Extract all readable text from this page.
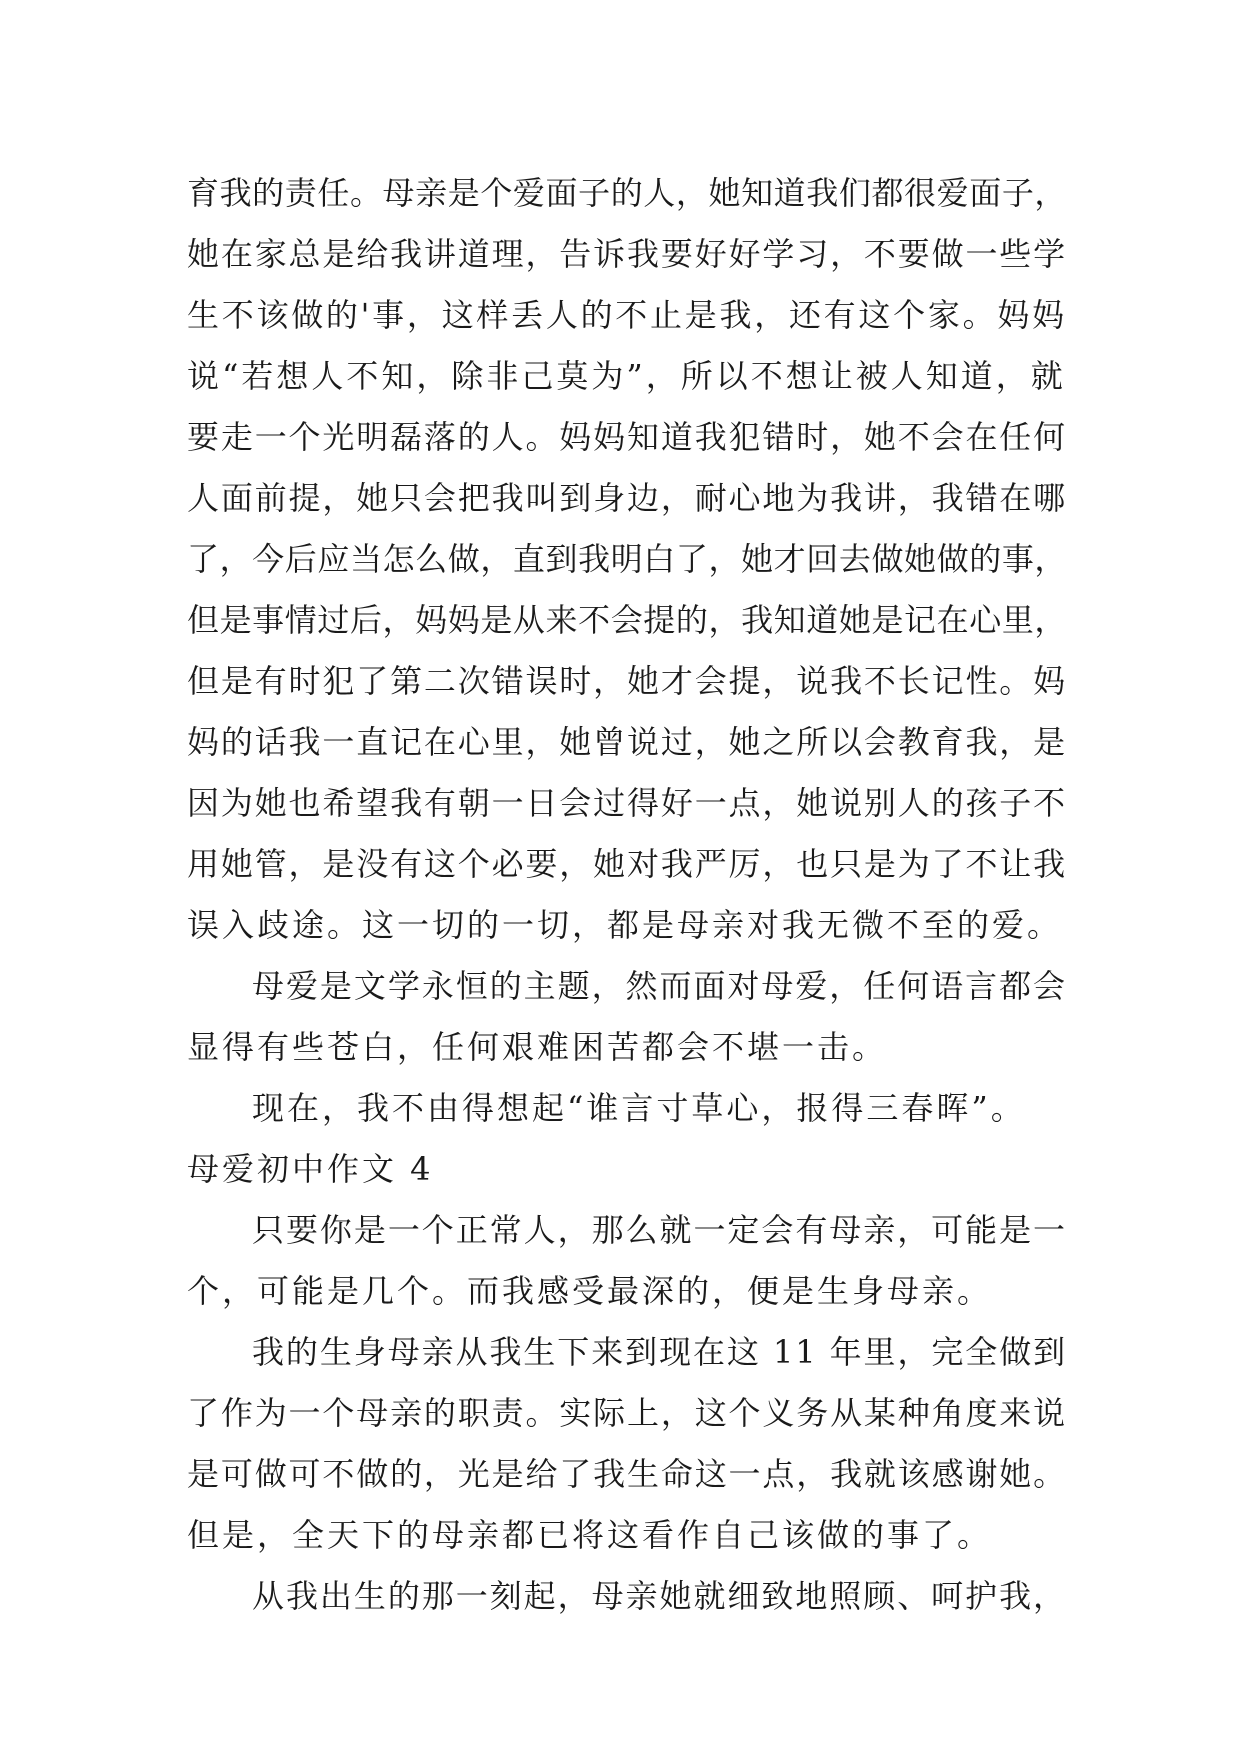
育我的责任。母亲是个爱面子的人，她知道我们都很爱面子，
她在家总是给我讲道理，告诉我要好好学习，不要做一些学
生不该做的'事，这样丢人的不止是我，还有这个家。妈妈
说“若想人不知，除非己莫为”，所以不想让被人知道，就
要走一个光明磊落的人。妈妈知道我犯错时，她不会在任何
人面前提，她只会把我叫到身边，耐心地为我讲，我错在哪
了，今后应当怎么做，直到我明白了，她才回去做她做的事，
但是事情过后，妈妈是从来不会提的，我知道她是记在心里，
但是有时犯了第二次错误时，她才会提，说我不长记性。妈
妈的话我一直记在心里，她曾说过，她之所以会教育我，是
因为她也希望我有朝一日会过得好一点，她说别人的孩子不
用她管，是没有这个必要，她对我严厉，也只是为了不让我
误入歧途。这一切的一切，都是母亲对我无微不至的爱。
母爱是文学永恒的主题，然而面对母爱，任何语言都会
显得有些苍白，任何艰难困苦都会不堪一击。
现在，我不由得想起“谁言寸草心，报得三春晖”。
母爱初中作文 4
只要你是一个正常人，那么就一定会有母亲，可能是一
个，可能是几个。而我感受最深的，便是生身母亲。
我的生身母亲从我生下来到现在这 11 年里，完全做到
了作为一个母亲的职责。实际上，这个义务从某种角度来说
是可做可不做的，光是给了我生命这一点，我就该感谢她。
但是，全天下的母亲都已将这看作自己该做的事了。
从我出生的那一刻起，母亲她就细致地照顾、呵护我，
